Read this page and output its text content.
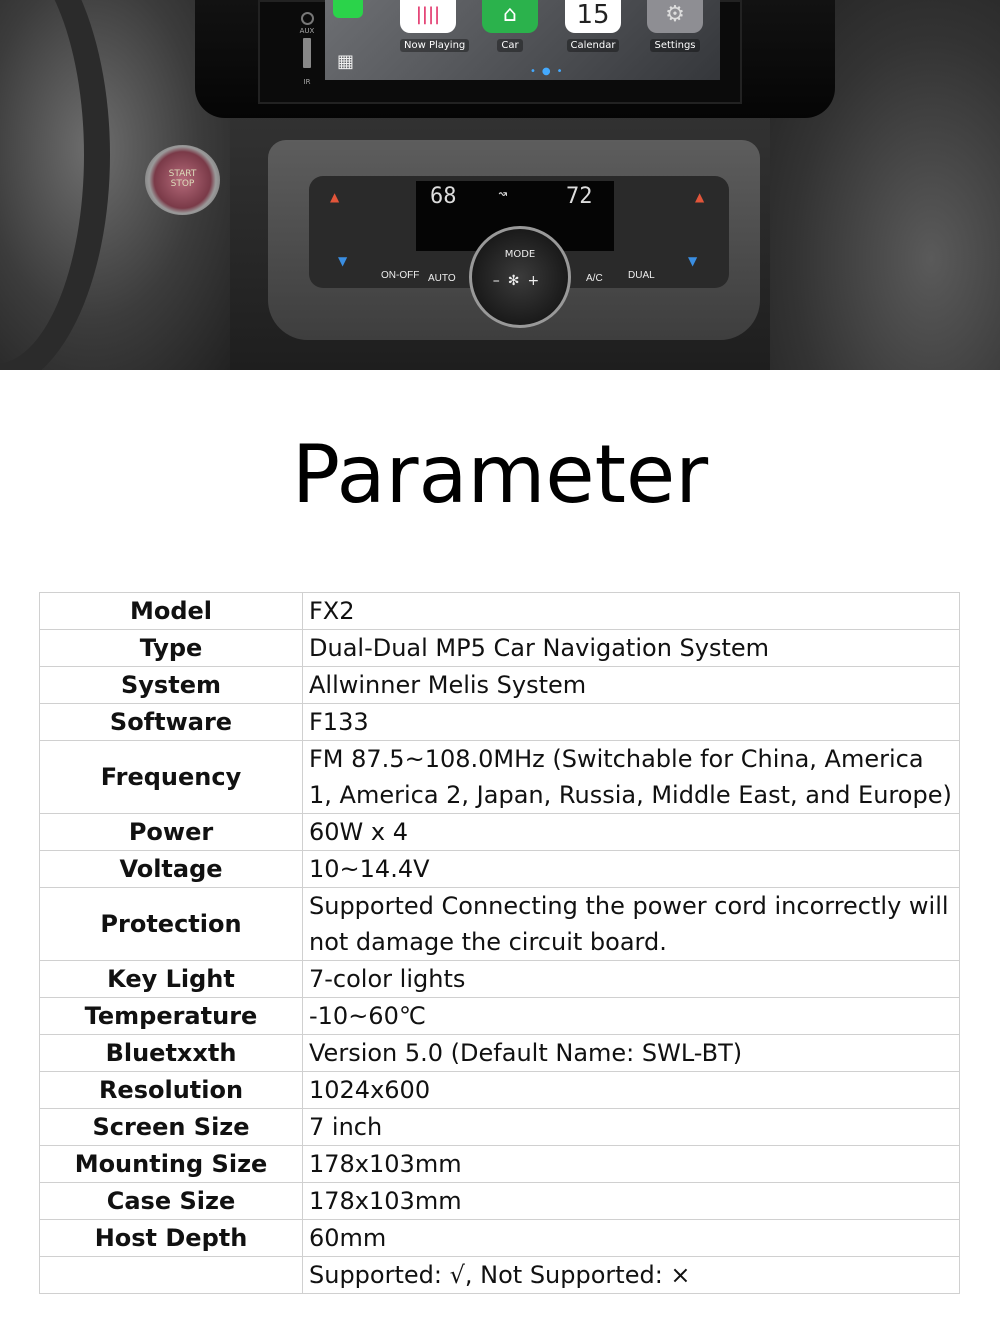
AUX
IR
||||
Now Playing
⌂
Car
15
Calendar
⚙
Settings
•●•
▦
START
STOP	68	↝	72
MODE
–✻+
ON-OFF AUTO	A/C	DUAL
▲
▼
▲
▼
Parameter
Model	FX2
Type	Dual-Dual MP5 Car Navigation System
System	Allwinner Melis System
Software	F133
Frequency	FM 87.5~108.0MHz (Switchable for China, America 1, America 2, Japan, Russia, Middle East, and Europe)
Power	60W x 4
Voltage	10~14.4V
Protection	Supported Connecting the power cord incorrectly will not damage the circuit board.
Key Light	7-color lights
Temperature	-10~60℃
Bluetxxth	Version 5.0 (Default Name: SWL-BT)
Resolution	1024x600
Screen Size	7 inch
Mounting Size	178x103mm
Case Size	178x103mm
Host Depth	60mm
	Supported: √, Not Supported: ×
